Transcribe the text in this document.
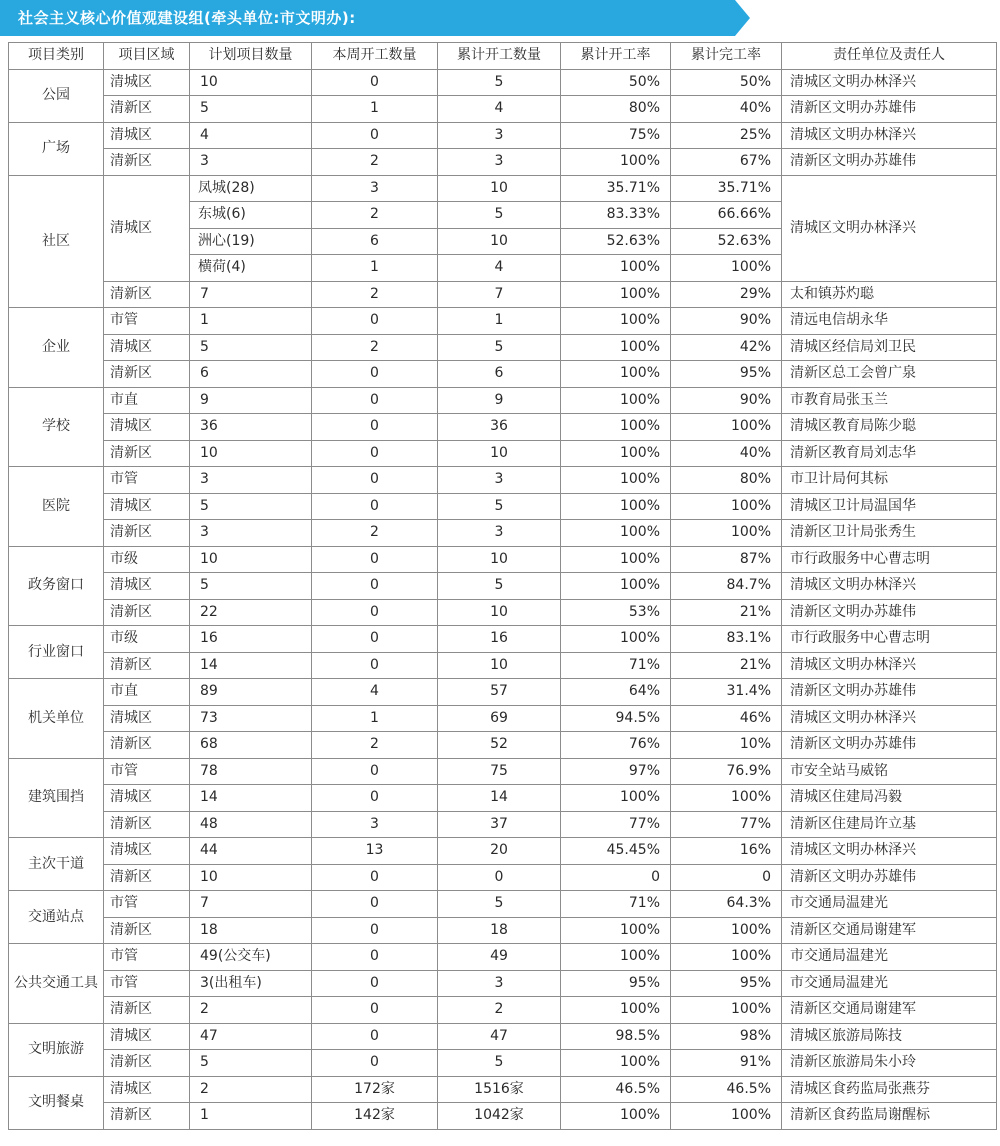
社会主义核心价值观建设组(牵头单位:市文明办):
项目类别	项目区域	计划项目数量	本周开工数量	累计开工数量	累计开工率	累计完工率	责任单位及责任人
公园	清城区	10	0	5	50%	50%	清城区文明办林泽兴
	清新区	5	1	4	80%	40%	清新区文明办苏雄伟
广场	清城区	4	0	3	75%	25%	清城区文明办林泽兴
	清新区	3	2	3	100%	67%	清新区文明办苏雄伟
社区	清城区	凤城(28)	3	10	35.71%	35.71%	清城区文明办林泽兴
		东城(6)	2	5	83.33%	66.66%	
		洲心(19)	6	10	52.63%	52.63%	
		横荷(4)	1	4	100%	100%	
	清新区	7	2	7	100%	29%	太和镇苏灼聪
企业	市管	1	0	1	100%	90%	清远电信胡永华
	清城区	5	2	5	100%	42%	清城区经信局刘卫民
	清新区	6	0	6	100%	95%	清新区总工会曾广泉
学校	市直	9	0	9	100%	90%	市教育局张玉兰
	清城区	36	0	36	100%	100%	清城区教育局陈少聪
	清新区	10	0	10	100%	40%	清新区教育局刘志华
医院	市管	3	0	3	100%	80%	市卫计局何其标
	清城区	5	0	5	100%	100%	清城区卫计局温国华
	清新区	3	2	3	100%	100%	清新区卫计局张秀生
政务窗口	市级	10	0	10	100%	87%	市行政服务中心曹志明
	清城区	5	0	5	100%	84.7%	清城区文明办林泽兴
	清新区	22	0	10	53%	21%	清新区文明办苏雄伟
行业窗口	市级	16	0	16	100%	83.1%	市行政服务中心曹志明
	清新区	14	0	10	71%	21%	清城区文明办林泽兴
机关单位	市直	89	4	57	64%	31.4%	清新区文明办苏雄伟
	清城区	73	1	69	94.5%	46%	清城区文明办林泽兴
	清新区	68	2	52	76%	10%	清新区文明办苏雄伟
建筑围挡	市管	78	0	75	97%	76.9%	市安全站马威铭
	清城区	14	0	14	100%	100%	清城区住建局冯毅
	清新区	48	3	37	77%	77%	清新区住建局许立基
主次干道	清城区	44	13	20	45.45%	16%	清城区文明办林泽兴
	清新区	10	0	0	0	0	清新区文明办苏雄伟
交通站点	市管	7	0	5	71%	64.3%	市交通局温建光
	清新区	18	0	18	100%	100%	清新区交通局谢建军
公共交通工具	市管	49(公交车)	0	49	100%	100%	市交通局温建光
	市管	3(出租车)	0	3	95%	95%	市交通局温建光
	清新区	2	0	2	100%	100%	清新区交通局谢建军
文明旅游	清城区	47	0	47	98.5%	98%	清城区旅游局陈技
	清新区	5	0	5	100%	91%	清新区旅游局朱小玲
文明餐桌	清城区	2	172家	1516家	46.5%	46.5%	清城区食药监局张燕芬
	清新区	1	142家	1042家	100%	100%	清新区食药监局谢醒标
